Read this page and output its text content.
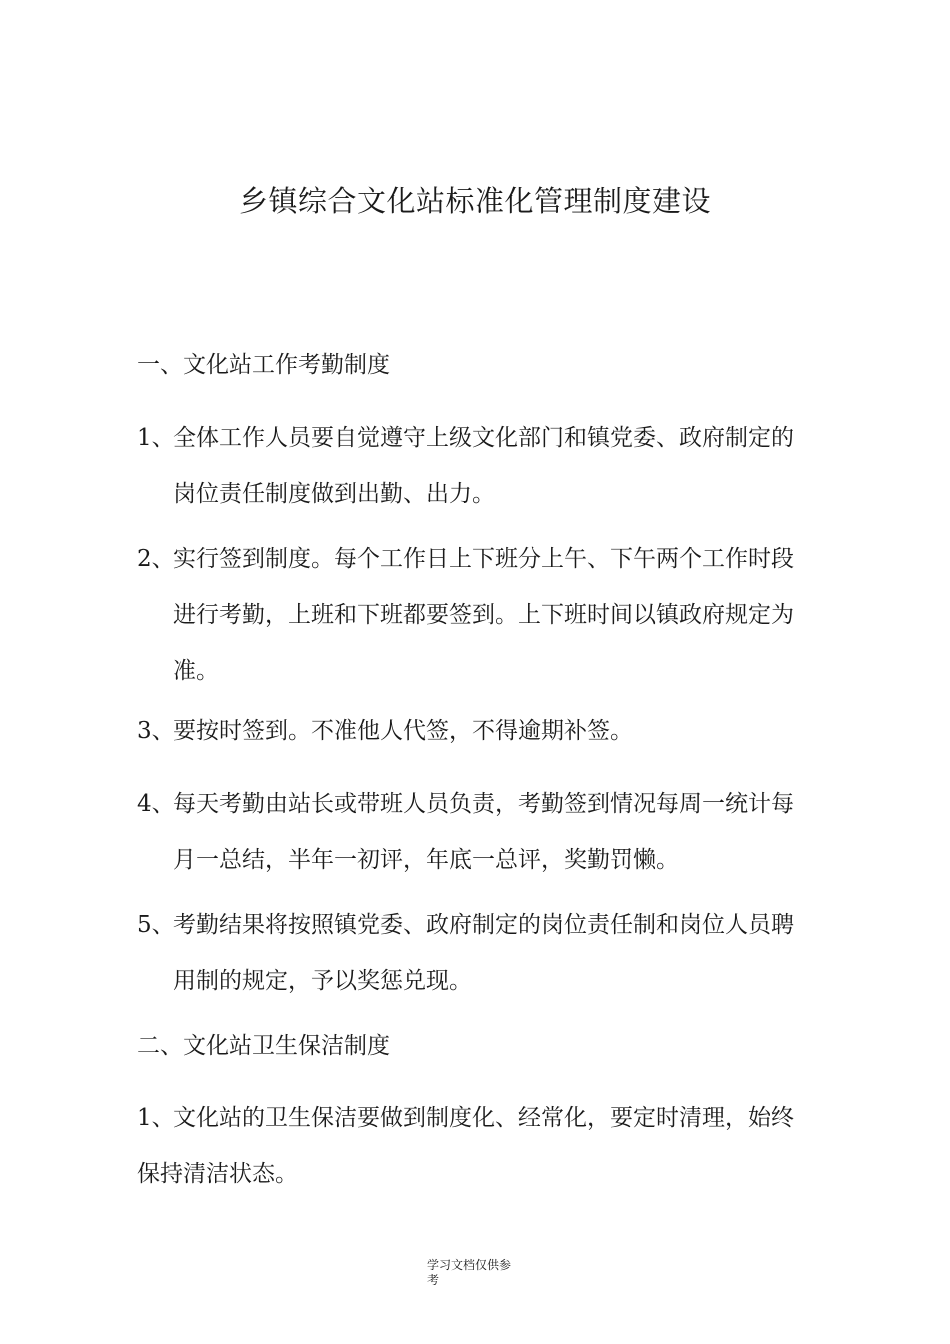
乡镇综合文化站标准化管理制度建设
一、文化站工作考勤制度
1、全体工作人员要自觉遵守上级文化部门和镇党委、政府制定的
岗位责任制度做到出勤、出力。
2、实行签到制度。每个工作日上下班分上午、下午两个工作时段
进行考勤，上班和下班都要签到。上下班时间以镇政府规定为
准。
3、要按时签到。不准他人代签，不得逾期补签。
4、每天考勤由站长或带班人员负责，考勤签到情况每周一统计每
月一总结，半年一初评，年底一总评，奖勤罚懒。
5、考勤结果将按照镇党委、政府制定的岗位责任制和岗位人员聘
用制的规定，予以奖惩兑现。
二、文化站卫生保洁制度
1、文化站的卫生保洁要做到制度化、经常化，要定时清理，始终
保持清洁状态。
学习文档仅供参
考
